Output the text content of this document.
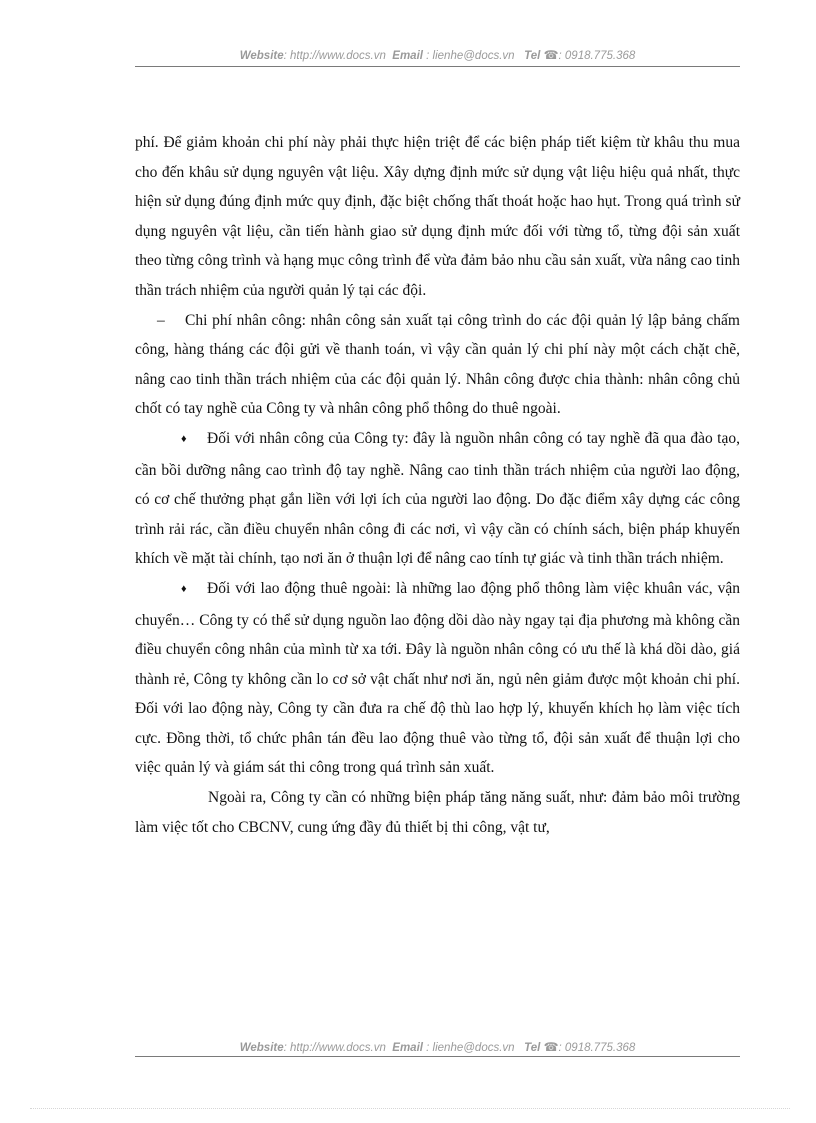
Website: http://www.docs.vn Email : lienhe@docs.vn Tel ☎: 0918.775.368

phí. Để giảm khoản chi phí này phải thực hiện triệt để các biện pháp tiết kiệm từ khâu thu mua cho đến khâu sử dụng nguyên vật liệu. Xây dựng định mức sử dụng vật liệu hiệu quả nhất, thực hiện sử dụng đúng định mức quy định, đặc biệt chống thất thoát hoặc hao hụt. Trong quá trình sử dụng nguyên vật liệu, cần tiến hành giao sử dụng định mức đối với từng tổ, từng đội sản xuất theo từng công trình và hạng mục công trình để vừa đảm bảo nhu cầu sản xuất, vừa nâng cao tinh thần trách nhiệm của người quản lý tại các đội.

– Chi phí nhân công: nhân công sản xuất tại công trình do các đội quản lý lập bảng chấm công, hàng tháng các đội gửi về thanh toán, vì vậy cần quản lý chi phí này một cách chặt chẽ, nâng cao tinh thần trách nhiệm của các đội quản lý. Nhân công được chia thành: nhân công chủ chốt có tay nghề của Công ty và nhân công phổ thông do thuê ngoài.

♦ Đối với nhân công của Công ty: đây là nguồn nhân công có tay nghề đã qua đào tạo, cần bồi dưỡng nâng cao trình độ tay nghề. Nâng cao tinh thần trách nhiệm của người lao động, có cơ chế thưởng phạt gắn liền với lợi ích của người lao động. Do đặc điểm xây dựng các công trình rải rác, cần điều chuyển nhân công đi các nơi, vì vậy cần có chính sách, biện pháp khuyến khích về mặt tài chính, tạo nơi ăn ở thuận lợi để nâng cao tính tự giác và tinh thần trách nhiệm.

♦ Đối với lao động thuê ngoài: là những lao động phổ thông làm việc khuân vác, vận chuyển… Công ty có thể sử dụng nguồn lao động dồi dào này ngay tại địa phương mà không cần điều chuyển công nhân của mình từ xa tới. Đây là nguồn nhân công có ưu thế là khá dồi dào, giá thành rẻ, Công ty không cần lo cơ sở vật chất như nơi ăn, ngủ nên giảm được một khoản chi phí. Đối với lao động này, Công ty cần đưa ra chế độ thù lao hợp lý, khuyến khích họ làm việc tích cực. Đồng thời, tổ chức phân tán đều lao động thuê vào từng tổ, đội sản xuất để thuận lợi cho việc quản lý và giám sát thi công trong quá trình sản xuất.

Ngoài ra, Công ty cần có những biện pháp tăng năng suất, như: đảm bảo môi trường làm việc tốt cho CBCNV, cung ứng đầy đủ thiết bị thi công, vật tư,

Website: http://www.docs.vn Email : lienhe@docs.vn Tel ☎: 0918.775.368
